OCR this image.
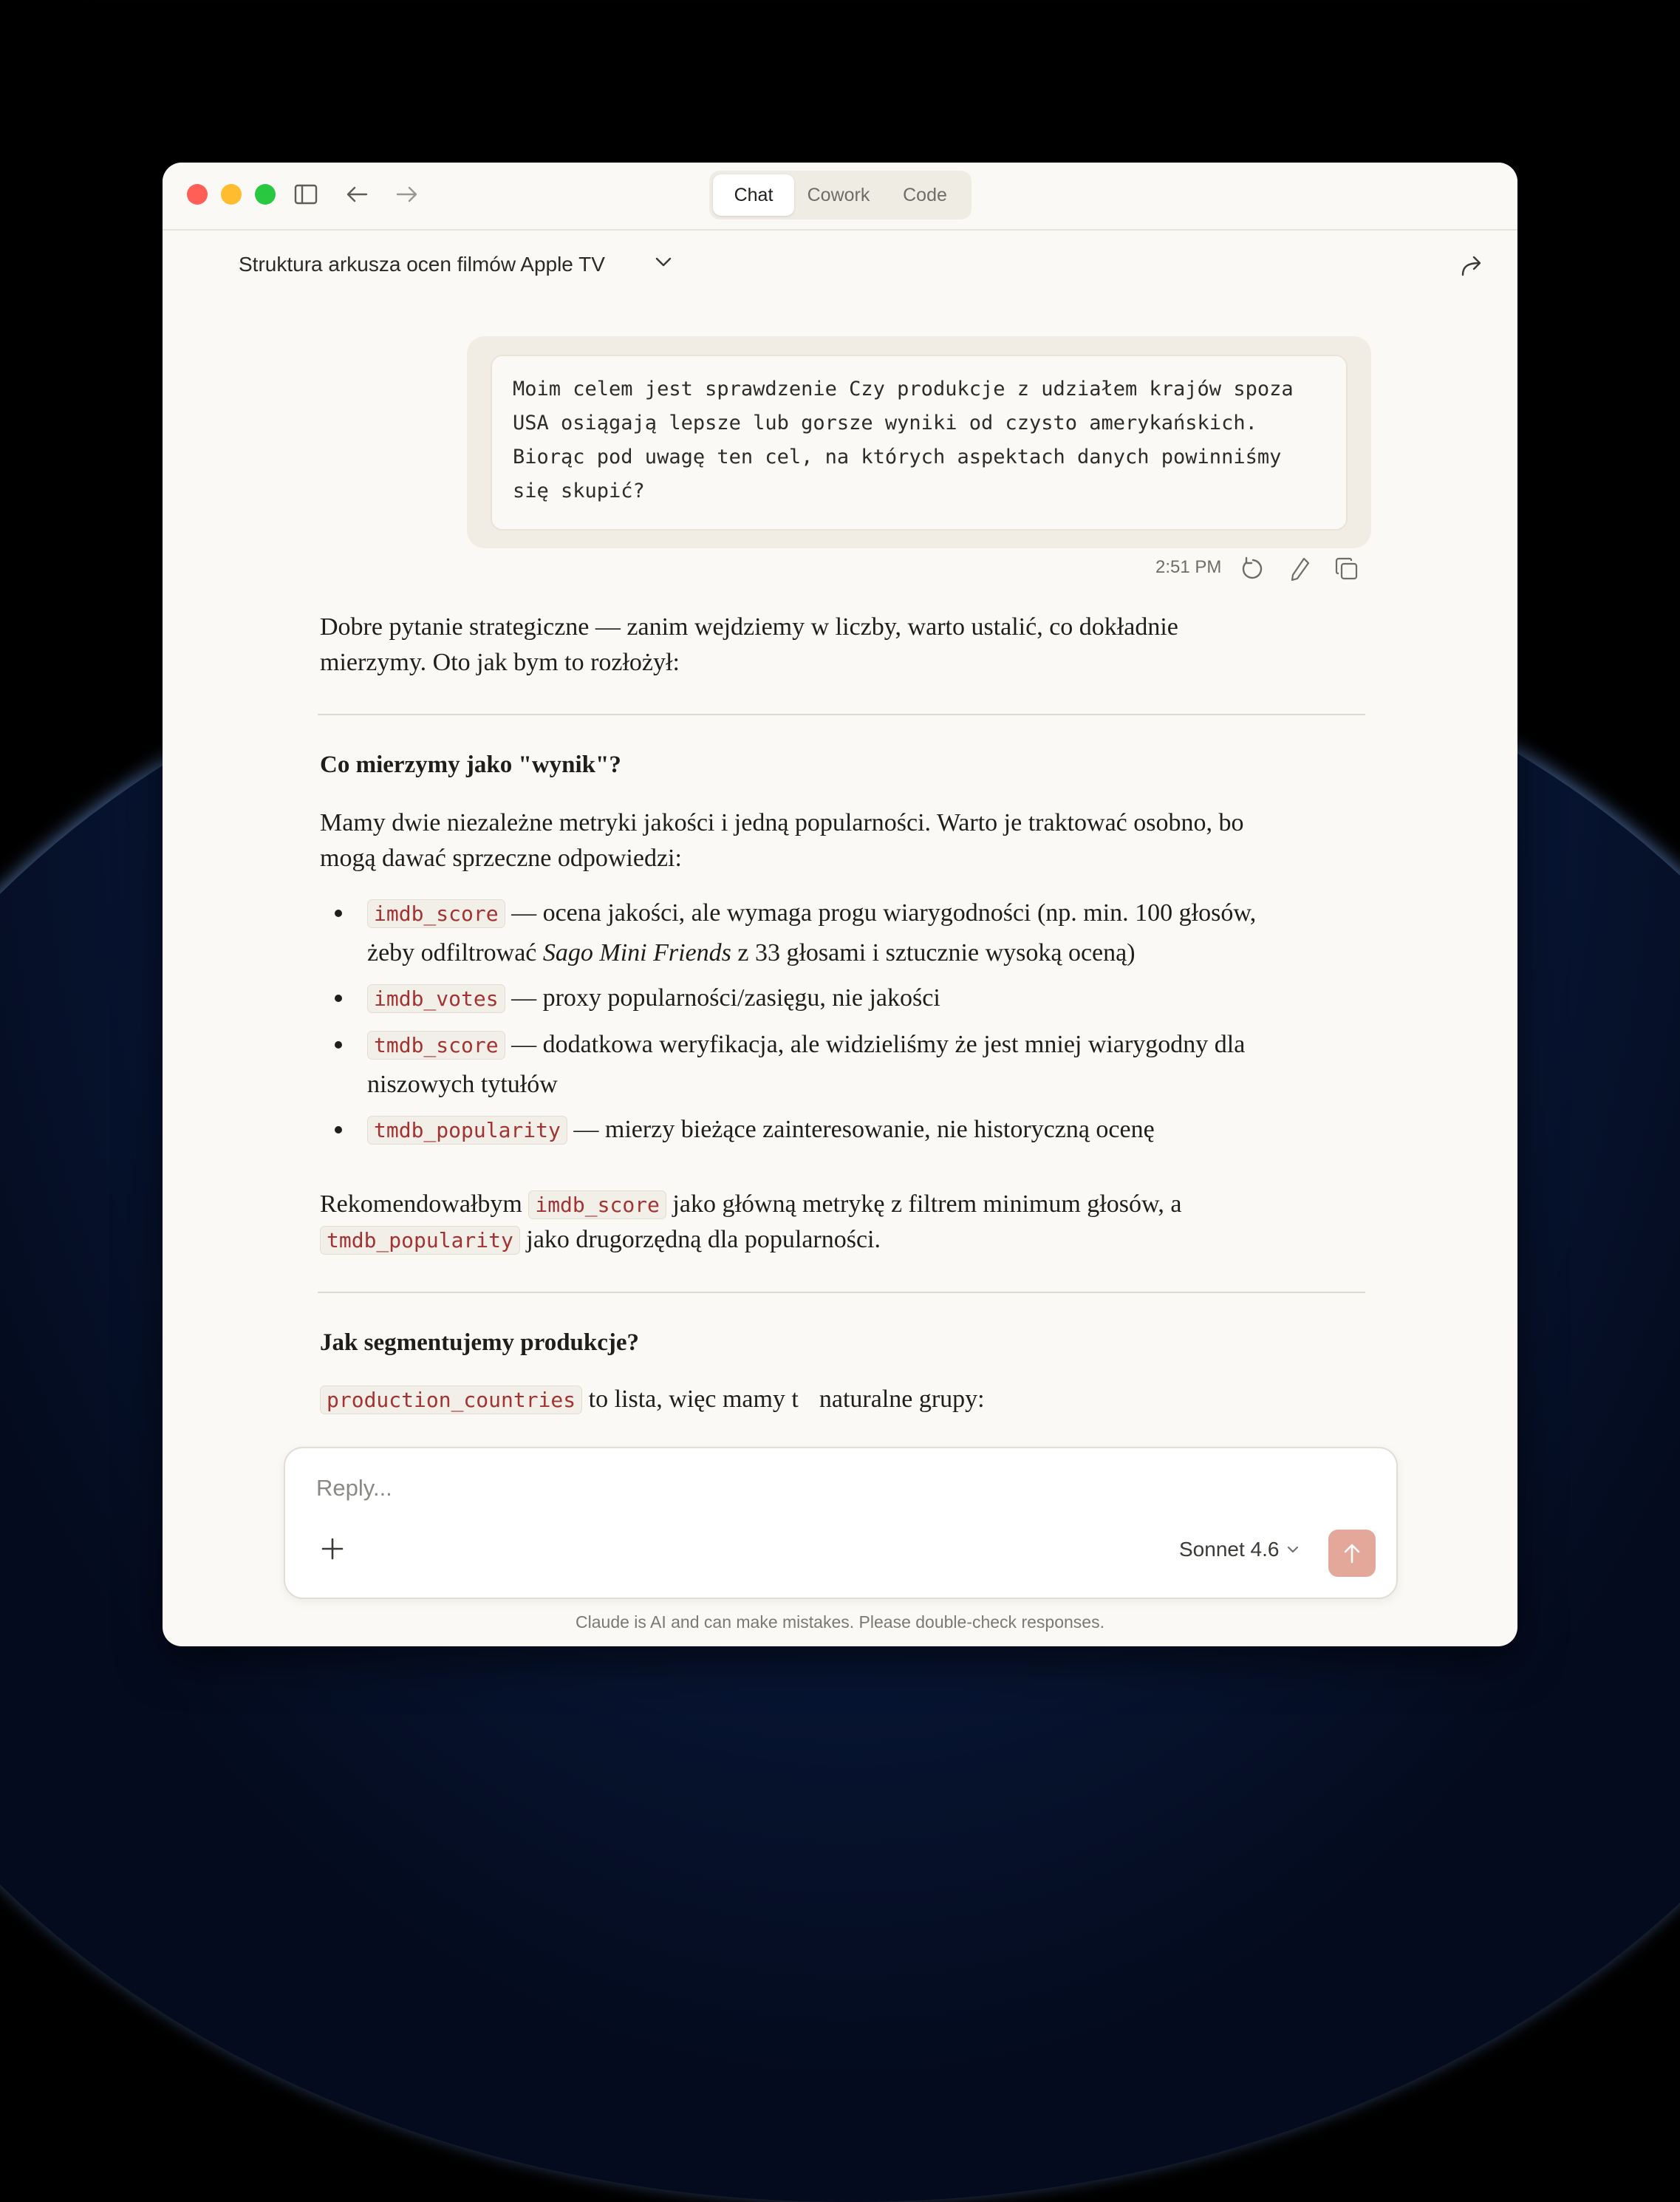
Chat	Cowork	Code
Struktura arkusza ocen filmów Apple TV
Moim celem jest sprawdzenie Czy produkcje z udziałem krajów spoza
USA osiągają lepsze lub gorsze wyniki od czysto amerykańskich.
Biorąc pod uwagę ten cel, na których aspektach danych powinniśmy
się skupić?
2:51 PM
Dobre pytanie strategiczne — zanim wejdziemy w liczby, warto ustalić, co dokładnie
mierzymy. Oto jak bym to rozłożył:
Co mierzymy jako "wynik"?
Mamy dwie niezależne metryki jakości i jedną popularności. Warto je traktować osobno, bo
mogą dawać sprzeczne odpowiedzi:
imdb_score — ocena jakości, ale wymaga progu wiarygodności (np. min. 100 głosów,
żeby odfiltrować Sago Mini Friends z 33 głosami i sztucznie wysoką oceną)
imdb_votes — proxy popularności/zasięgu, nie jakości
tmdb_score — dodatkowa weryfikacja, ale widzieliśmy że jest mniej wiarygodny dla
niszowych tytułów
tmdb_popularity — mierzy bieżące zainteresowanie, nie historyczną ocenę
Rekomendowałbym imdb_score jako główną metrykę z filtrem minimum głosów, a
tmdb_popularity jako drugorzędną dla popularności.
Jak segmentujemy produkcje?
production_countries to lista, więc mamy t naturalne grupy:
Reply...
Sonnet 4.6
Claude is AI and can make mistakes. Please double-check responses.
